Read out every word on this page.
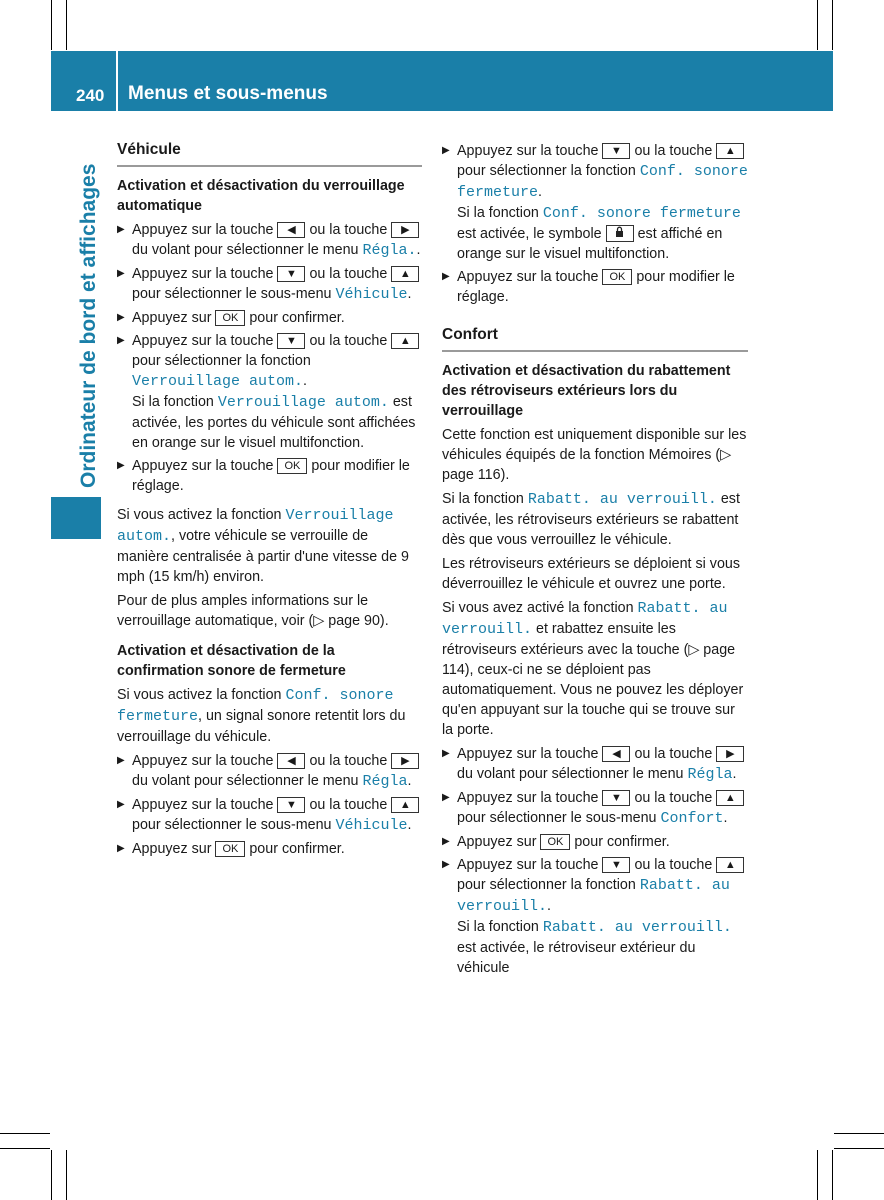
240 Menus et sous-menus
Ordinateur de bord et affichages
Véhicule
Activation et désactivation du verrouillage automatique
▶ Appuyez sur la touche ◀ ou la touche ▶ du volant pour sélectionner le menu Régla..
▶ Appuyez sur la touche ▼ ou la touche ▲ pour sélectionner le sous-menu Véhicule.
▶ Appuyez sur OK pour confirmer.
▶ Appuyez sur la touche ▼ ou la touche ▲ pour sélectionner la fonction Verrouillage autom..
Si la fonction Verrouillage autom. est activée, les portes du véhicule sont affichées en orange sur le visuel multifonction.
▶ Appuyez sur la touche OK pour modifier le réglage.
Si vous activez la fonction Verrouillage autom., votre véhicule se verrouille de manière centralisée à partir d'une vitesse de 9 mph (15 km/h) environ.
Pour de plus amples informations sur le verrouillage automatique, voir (▷ page 90).
Activation et désactivation de la confirmation sonore de fermeture
Si vous activez la fonction Conf. sonore fermeture, un signal sonore retentit lors du verrouillage du véhicule.
▶ Appuyez sur la touche ◀ ou la touche ▶ du volant pour sélectionner le menu Régla.
▶ Appuyez sur la touche ▼ ou la touche ▲ pour sélectionner le sous-menu Véhicule.
▶ Appuyez sur OK pour confirmer.
▶ Appuyez sur la touche ▼ ou la touche ▲ pour sélectionner la fonction Conf. sonore fermeture.
Si la fonction Conf. sonore fermeture est activée, le symbole	est affiché en orange sur le visuel multifonction.
▶ Appuyez sur la touche OK pour modifier le réglage.
Confort
Activation et désactivation du rabattement des rétroviseurs extérieurs lors du verrouillage
Cette fonction est uniquement disponible sur les véhicules équipés de la fonction Mémoires (▷ page 116).
Si la fonction Rabatt. au verrouill. est activée, les rétroviseurs extérieurs se rabattent dès que vous verrouillez le véhicule.
Les rétroviseurs extérieurs se déploient si vous déverrouillez le véhicule et ouvrez une porte.
Si vous avez activé la fonction Rabatt. au verrouill. et rabattez ensuite les rétroviseurs extérieurs avec la touche (▷ page 114), ceux-ci ne se déploient pas automatiquement. Vous ne pouvez les déployer qu'en appuyant sur la touche qui se trouve sur la porte.
▶ Appuyez sur la touche ◀ ou la touche ▶ du volant pour sélectionner le menu Régla.
▶ Appuyez sur la touche ▼ ou la touche ▲ pour sélectionner le sous-menu Confort.
▶ Appuyez sur OK pour confirmer.
▶ Appuyez sur la touche ▼ ou la touche ▲ pour sélectionner la fonction Rabatt. au verrouill..
Si la fonction Rabatt. au verrouill. est activée, le rétroviseur extérieur du véhicule
